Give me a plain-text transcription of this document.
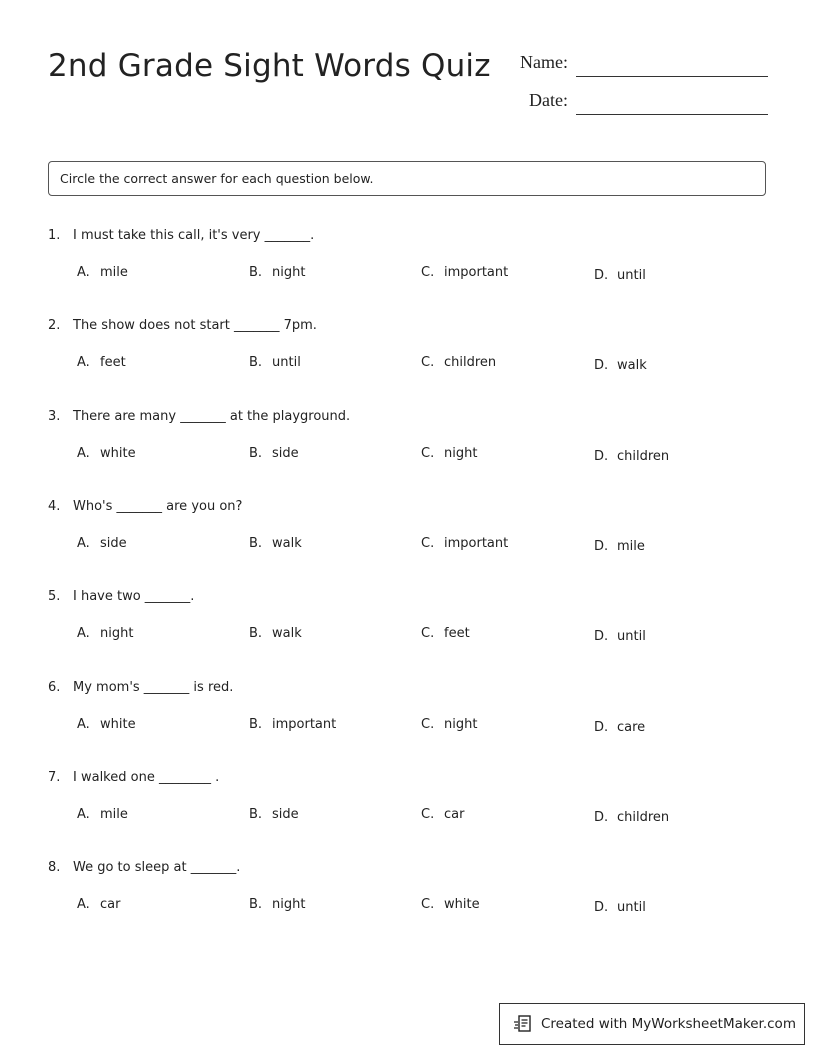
2nd Grade Sight Words Quiz Name:
Date:
Circle the correct answer for each question below.
1. I must take this call, it's very _______.
A. mile	B. night	C. important	D. until
2. The show does not start _______ 7pm.
A. feet	B. until	C. children	D. walk
3. There are many _______ at the playground.
A. white	B. side	C. night	D. children
4. Who's _______ are you on?
A. side	B. walk	C. important	D. mile
5. I have two _______.
A. night	B. walk	C. feet	D. until
6. My mom's _______ is red.
A. white	B. important	C. night	D. care
7. I walked one ________ .
A. mile	B. side	C. car	D. children
8. We go to sleep at _______.
A. car	B. night	C. white	D. until
Created with MyWorksheetMaker.com
